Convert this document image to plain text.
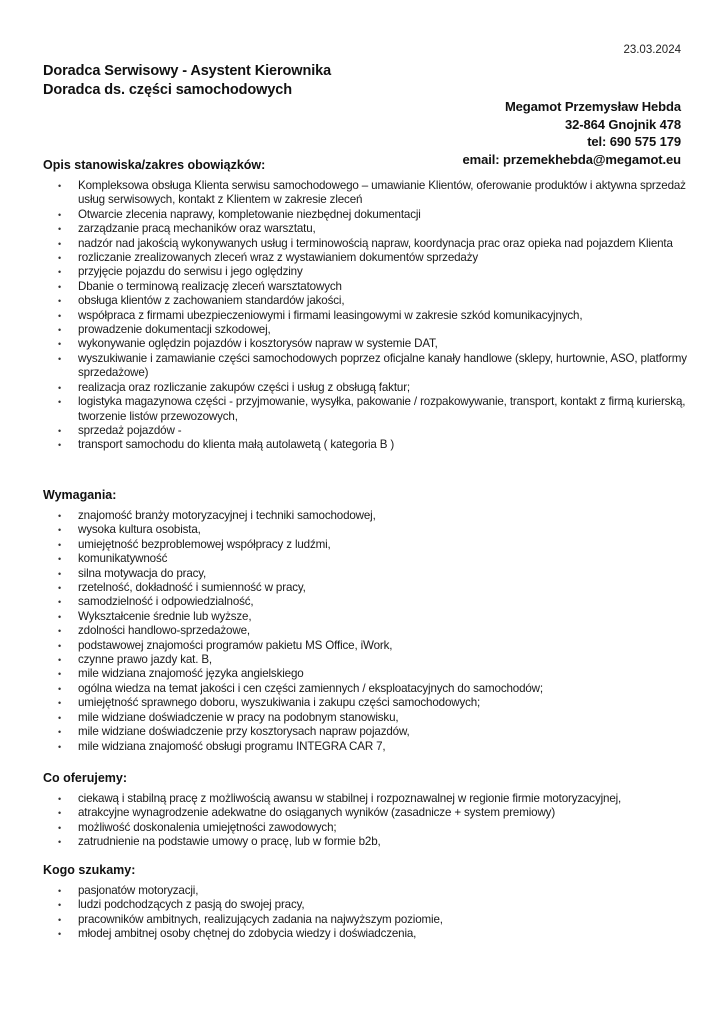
23.03.2024
Doradca Serwisowy - Asystent Kierownika
Doradca ds. części samochodowych
Megamot Przemysław Hebda
32-864 Gnojnik 478
tel: 690 575 179
email: przemekhebda@megamot.eu
Opis stanowiska/zakres obowiązków:
• Kompleksowa obsługa Klienta serwisu samochodowego – umawianie Klientów, oferowanie produktów i aktywna sprzedaż usług serwisowych, kontakt z Klientem w zakresie zleceń
• Otwarcie zlecenia naprawy, kompletowanie niezbędnej dokumentacji
• zarządzanie pracą mechaników oraz warsztatu,
• nadzór nad jakością wykonywanych usług i terminowością napraw, koordynacja prac oraz opieka nad pojazdem Klienta
• rozliczanie zrealizowanych zleceń wraz z wystawianiem dokumentów sprzedaży
• przyjęcie pojazdu do serwisu i jego oględziny
• Dbanie o terminową realizację zleceń warsztatowych
• obsługa klientów z zachowaniem standardów jakości,
• współpraca z firmami ubezpieczeniowymi i firmami leasingowymi w zakresie szkód komunikacyjnych,
• prowadzenie dokumentacji szkodowej,
• wykonywanie oględzin pojazdów i kosztorysów napraw w systemie DAT,
• wyszukiwanie i zamawianie części samochodowych poprzez oficjalne kanały handlowe (sklepy, hurtownie, ASO, platformy sprzedażowe)
• realizacja oraz rozliczanie zakupów części i usług z obsługą faktur;
• logistyka magazynowa części - przyjmowanie, wysyłka, pakowanie / rozpakowywanie, transport, kontakt z firmą kurierską, tworzenie listów przewozowych,
• sprzedaż pojazdów -
• transport samochodu do klienta małą autolawetą ( kategoria B )
Wymagania:
• znajomość branży motoryzacyjnej i techniki samochodowej,
• wysoka kultura osobista,
• umiejętność bezproblemowej współpracy z ludźmi,
• komunikatywność
• silna motywacja do pracy,
• rzetelność, dokładność i sumienność w pracy,
• samodzielność i odpowiedzialność,
• Wykształcenie średnie lub wyższe,
• zdolności handlowo-sprzedażowe,
• podstawowej znajomości programów pakietu MS Office, iWork,
• czynne prawo jazdy kat. B,
• mile widziana znajomość języka angielskiego
• ogólna wiedza na temat jakości i cen części zamiennych / eksploatacyjnych do samochodów;
• umiejętność sprawnego doboru, wyszukiwania i zakupu części samochodowych;
• mile widziane doświadczenie w pracy na podobnym stanowisku,
• mile widziane doświadczenie przy kosztorysach napraw pojazdów,
• mile widziana znajomość obsługi programu INTEGRA CAR 7,
Co oferujemy:
• ciekawą i stabilną pracę z możliwością awansu w stabilnej i rozpoznawalnej w regionie firmie motoryzacyjnej,
• atrakcyjne wynagrodzenie adekwatne do osiąganych wyników (zasadnicze + system premiowy)
• możliwość doskonalenia umiejętności zawodowych;
• zatrudnienie na podstawie umowy o pracę, lub w formie b2b,
Kogo szukamy:
• pasjonatów motoryzacji,
• ludzi podchodzących z pasją do swojej pracy,
• pracowników ambitnych, realizujących zadania na najwyższym poziomie,
• młodej ambitnej osoby chętnej do zdobycia wiedzy i doświadczenia,
